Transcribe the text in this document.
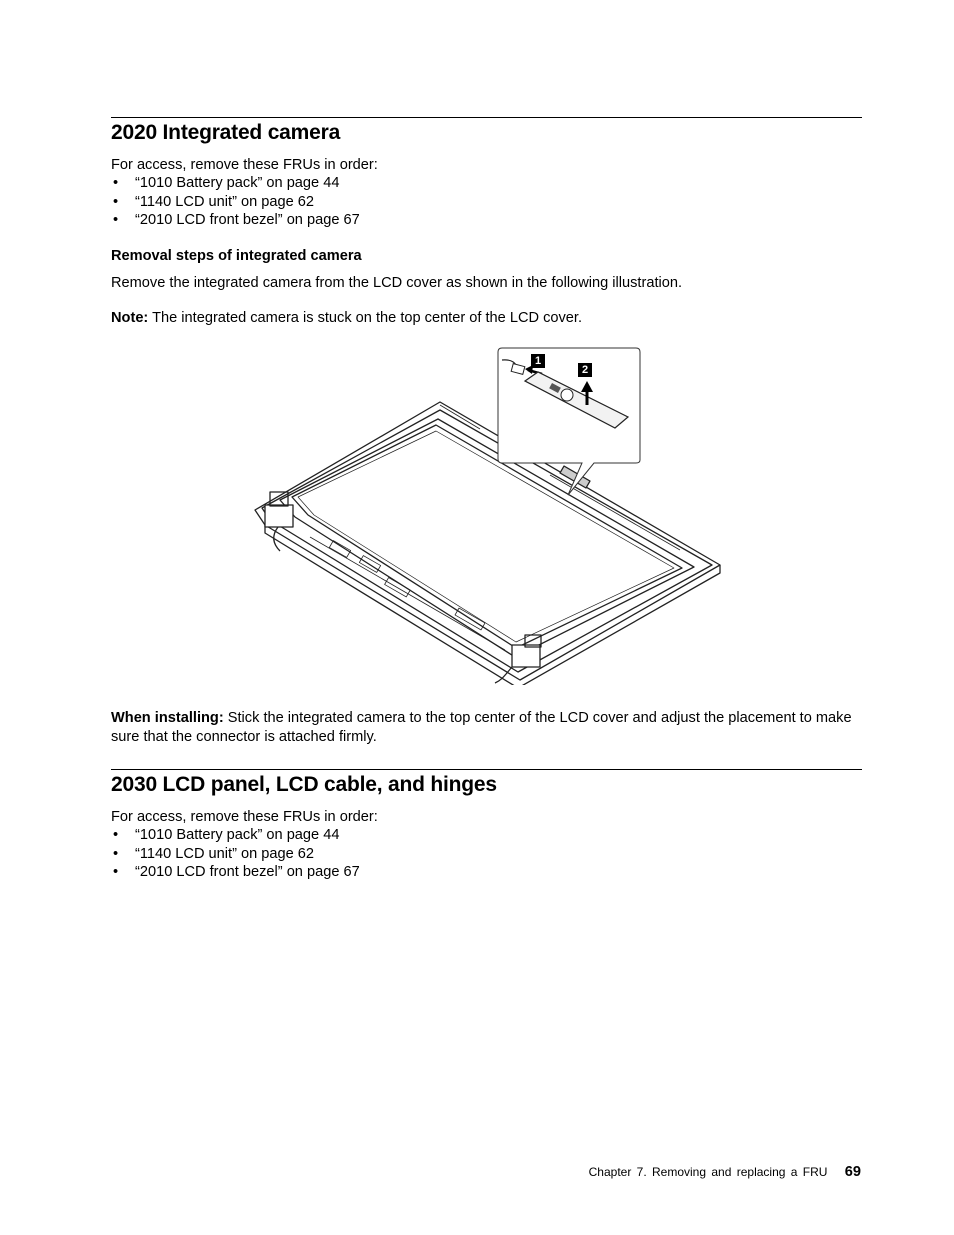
2020 Integrated camera
For access, remove these FRUs in order:
• “1010 Battery pack” on page 44
• “1140 LCD unit” on page 62
• “2010 LCD front bezel” on page 67
Removal steps of integrated camera
Remove the integrated camera from the LCD cover as shown in the following illustration.
Note: The integrated camera is stuck on the top center of the LCD cover.
When installing: Stick the integrated camera to the top center of the LCD cover and adjust the placement to make sure that the connector is attached firmly.
2030 LCD panel, LCD cable, and hinges
For access, remove these FRUs in order:
• “1010 Battery pack” on page 44
• “1140 LCD unit” on page 62
• “2010 LCD front bezel” on page 67
1
2
Chapter 7. Removing and replacing a FRU 69
